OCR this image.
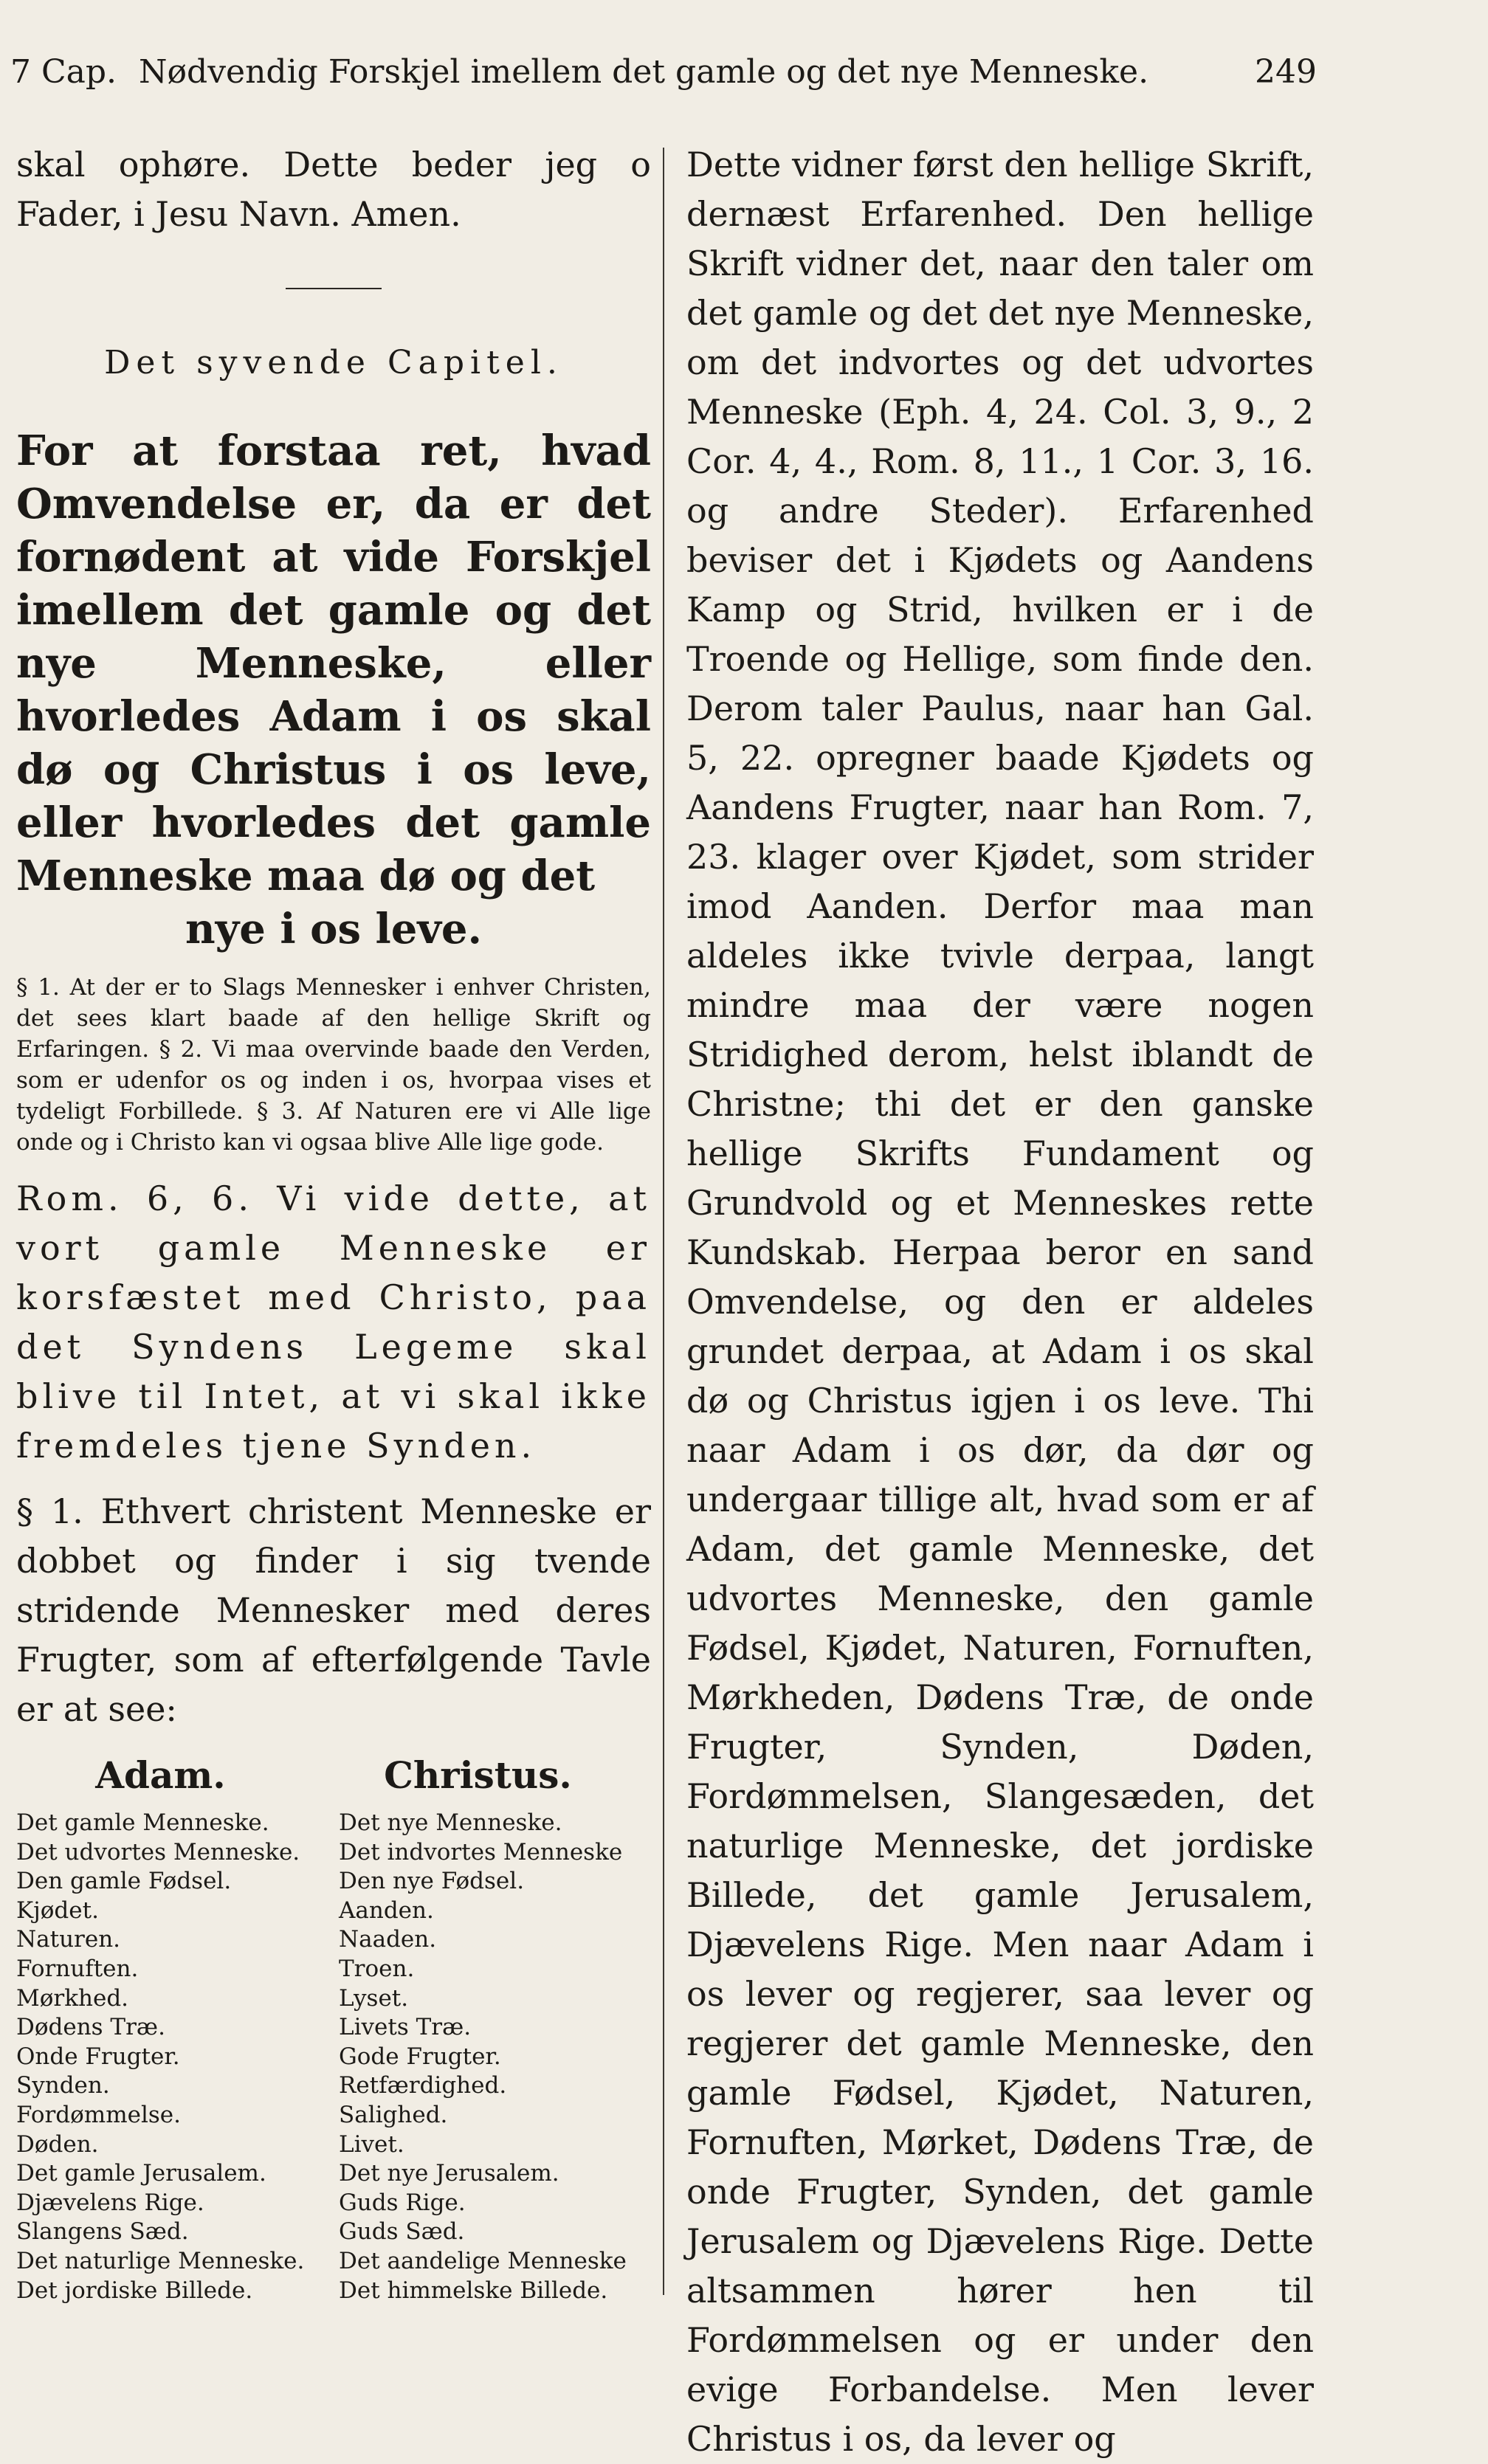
7 Cap. Nødvendig Forskjel imellem det gamle og det nye Menneske.	249

skal ophøre. Dette beder jeg o Fader, i Jesu Navn. Amen.

Det syvende Capitel.

For at forstaa ret, hvad Omvendelse er, da er det fornødent at vide Forskjel imellem det gamle og det nye Menneske, eller hvorledes Adam i os skal dø og Christus i os leve, eller hvorledes det gamle Menneske maa dø og det
nye i os leve.

§ 1. At der er to Slags Mennesker i enhver Christen, det sees klart baade af den hellige Skrift og Erfaringen. § 2. Vi maa overvinde baade den Verden, som er udenfor os og inden i os, hvorpaa vises et tydeligt Forbillede. § 3. Af Naturen ere vi Alle lige onde og i Christo kan vi ogsaa blive Alle lige gode.

Rom. 6, 6. Vi vide dette, at vort gamle Menneske er korsfæstet med Christo, paa det Syndens Legeme skal blive til Intet, at vi skal ikke fremdeles tjene Synden.

§ 1. Ethvert christent Menneske er dobbet og finder i sig tvende stridende Mennesker med deres Frugter, som af efterfølgende Tavle er at see:

Adam.	Christus.
Det gamle Menneske.	Det nye Menneske.
Det udvortes Menneske.	Det indvortes Menneske
Den gamle Fødsel.	Den nye Fødsel.
Kjødet.	Aanden.
Naturen.	Naaden.
Fornuften.	Troen.
Mørkhed.	Lyset.
Dødens Træ.	Livets Træ.
Onde Frugter.	Gode Frugter.
Synden.	Retfærdighed.
Fordømmelse.	Salighed.
Døden.	Livet.
Det gamle Jerusalem.	Det nye Jerusalem.
Djævelens Rige.	Guds Rige.
Slangens Sæd.	Guds Sæd.
Det naturlige Menneske.	Det aandelige Menneske
Det jordiske Billede.	Det himmelske Billede.

Dette vidner først den hellige Skrift, dernæst Erfarenhed. Den hellige Skrift vidner det, naar den taler om det gamle og det det nye Menneske, om det indvortes og det udvortes Menneske (Eph. 4, 24. Col. 3, 9., 2 Cor. 4, 4., Rom. 8, 11., 1 Cor. 3, 16. og andre Steder). Erfarenhed beviser det i Kjødets og Aandens Kamp og Strid, hvilken er i de Troende og Hellige, som finde den. Derom taler Paulus, naar han Gal. 5, 22. opregner baade Kjødets og Aandens Frugter, naar han Rom. 7, 23. klager over Kjødet, som strider imod Aanden. Derfor maa man aldeles ikke tvivle derpaa, langt mindre maa der være nogen Stridighed derom, helst iblandt de Christne; thi det er den ganske hellige Skrifts Fundament og Grundvold og et Menneskes rette Kundskab. Herpaa beror en sand Omvendelse, og den er aldeles grundet derpaa, at Adam i os skal dø og Christus igjen i os leve. Thi naar Adam i os dør, da dør og undergaar tillige alt, hvad som er af Adam, det gamle Menneske, det udvortes Menneske, den gamle Fødsel, Kjødet, Naturen, Fornuften, Mørkheden, Dødens Træ, de onde Frugter, Synden, Døden, Fordømmelsen, Slangesæden, det naturlige Menneske, det jordiske Billede, det gamle Jerusalem, Djævelens Rige. Men naar Adam i os lever og regjerer, saa lever og regjerer det gamle Menneske, den gamle Fødsel, Kjødet, Naturen, Fornuften, Mørket, Dødens Træ, de onde Frugter, Synden, det gamle Jerusalem og Djævelens Rige. Dette altsammen hører hen til Fordømmelsen og er under den evige Forbandelse. Men lever Christus i os, da lever og
